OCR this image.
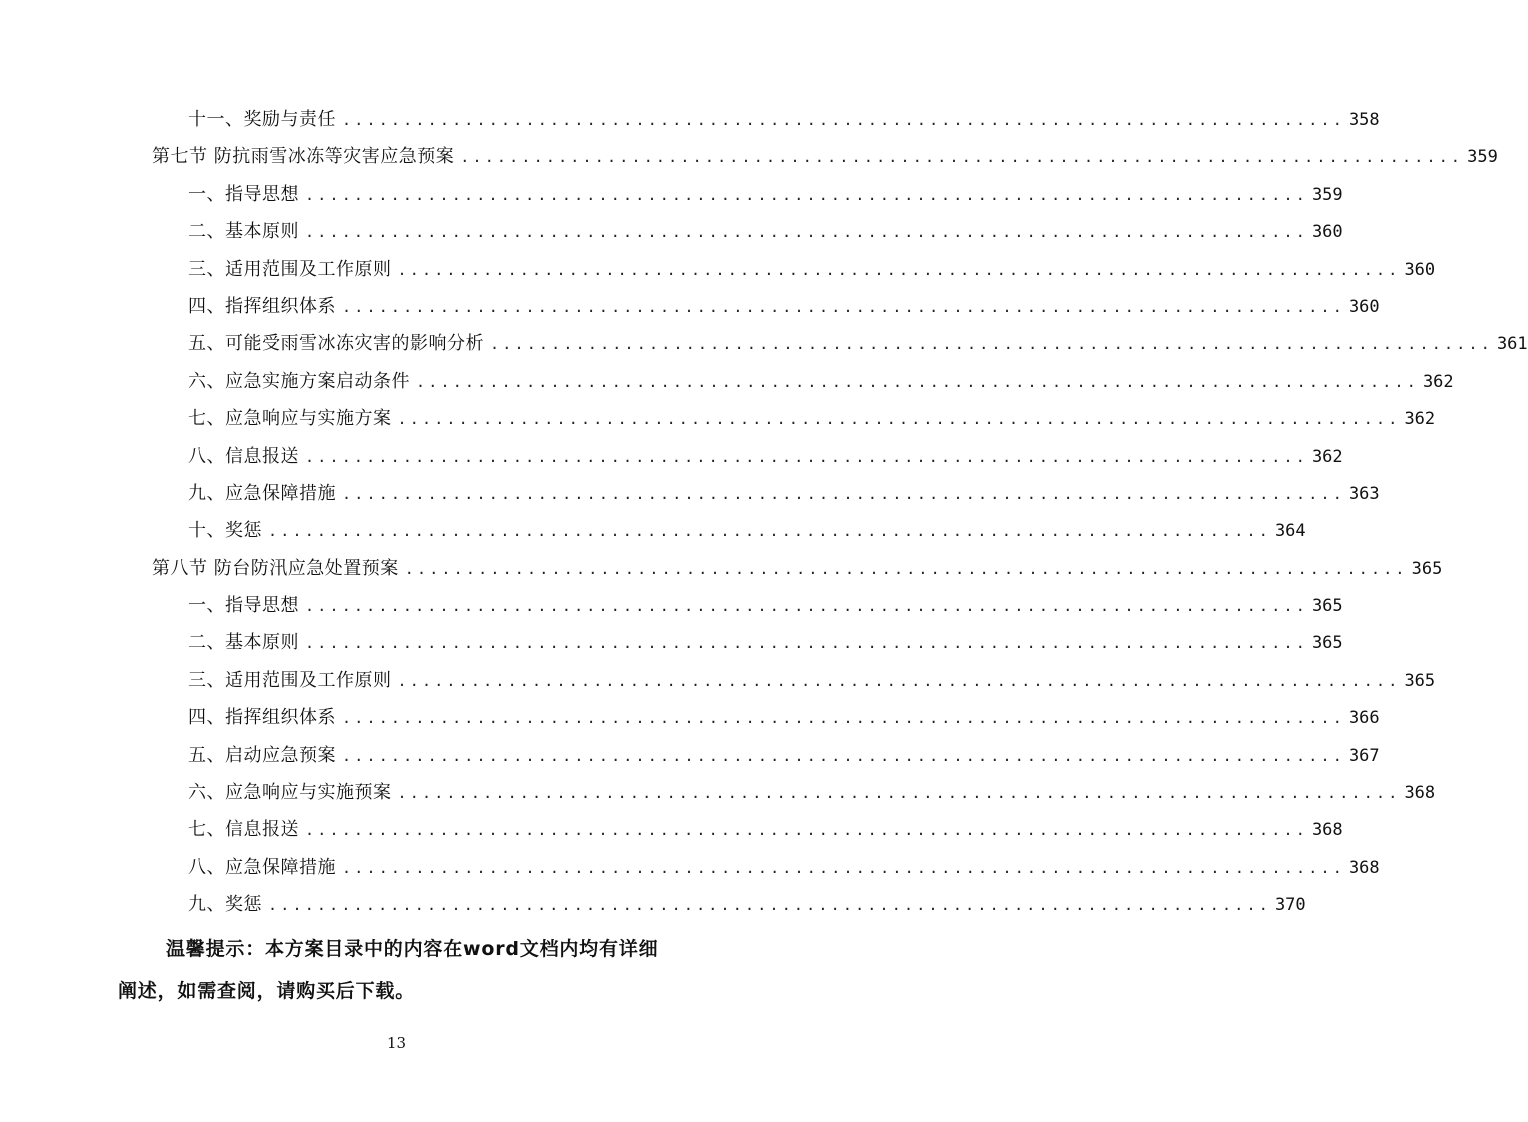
十一、奖励与责任 .................................................................................. 358
第七节 防抗雨雪冰冻等灾害应急预案 .................................................................................. 359
一、指导思想 .................................................................................. 359
二、基本原则 .................................................................................. 360
三、适用范围及工作原则 .................................................................................. 360
四、指挥组织体系 .................................................................................. 360
五、可能受雨雪冰冻灾害的影响分析 .................................................................................. 361
六、应急实施方案启动条件 .................................................................................. 362
七、应急响应与实施方案 .................................................................................. 362
八、信息报送 .................................................................................. 362
九、应急保障措施 .................................................................................. 363
十、奖惩 .................................................................................. 364
第八节 防台防汛应急处置预案 .................................................................................. 365
一、指导思想 .................................................................................. 365
二、基本原则 .................................................................................. 365
三、适用范围及工作原则 .................................................................................. 365
四、指挥组织体系 .................................................................................. 366
五、启动应急预案 .................................................................................. 367
六、应急响应与实施预案 .................................................................................. 368
七、信息报送 .................................................................................. 368
八、应急保障措施 .................................................................................. 368
九、奖惩 .................................................................................. 370
温馨提示：本方案目录中的内容在word文档内均有详细阐述，如需查阅，请购买后下载。
13
